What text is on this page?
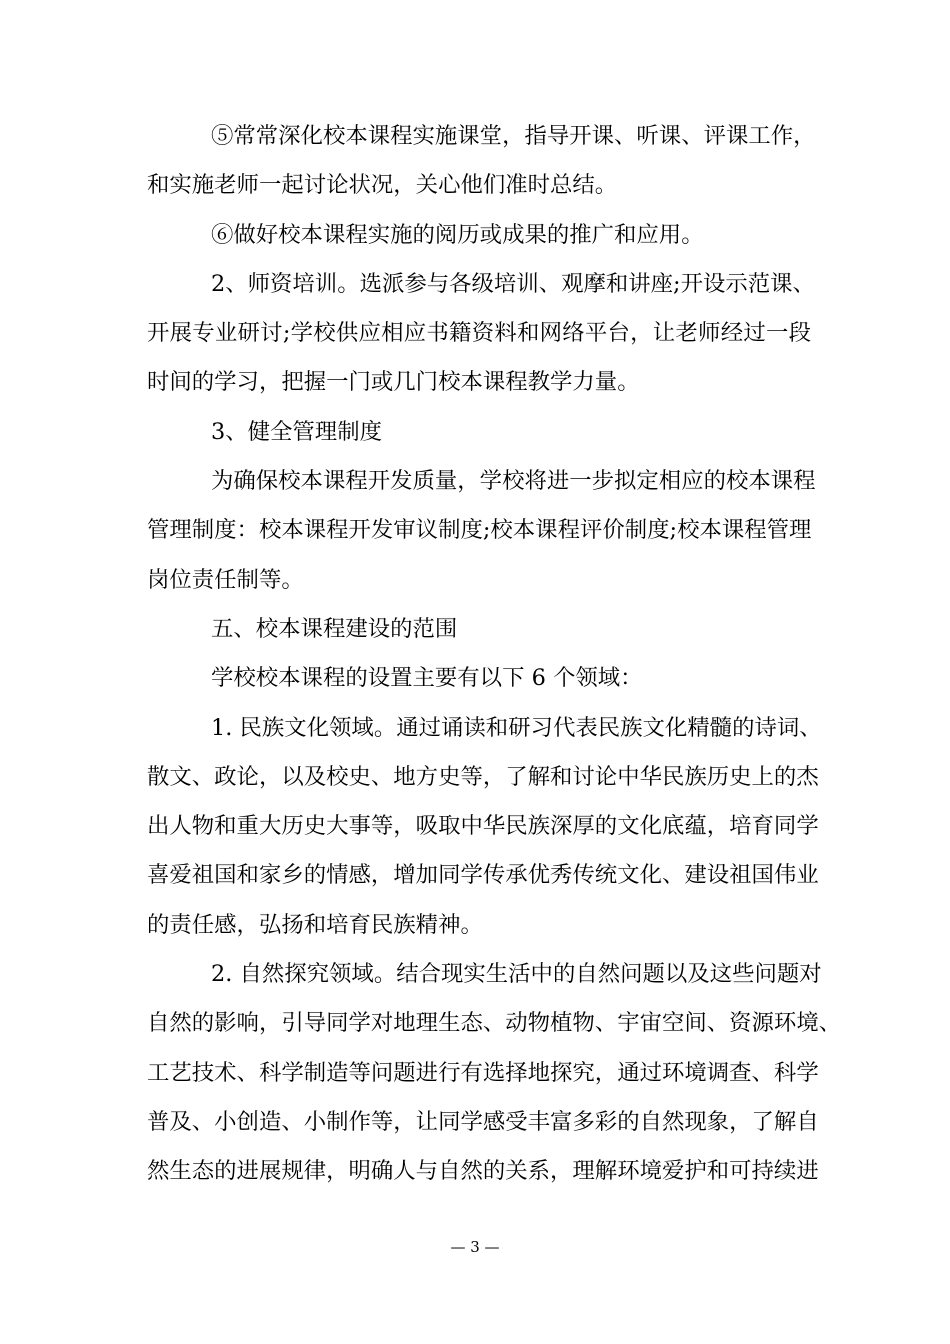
⑤常常深化校本课程实施课堂，指导开课、听课、评课工作，
和实施老师一起讨论状况，关心他们准时总结。
⑥做好校本课程实施的阅历或成果的推广和应用。
2、师资培训。选派参与各级培训、观摩和讲座;开设示范课、
开展专业研讨;学校供应相应书籍资料和网络平台，让老师经过一段
时间的学习，把握一门或几门校本课程教学力量。
3、健全管理制度
为确保校本课程开发质量，学校将进一步拟定相应的校本课程
管理制度：校本课程开发审议制度;校本课程评价制度;校本课程管理
岗位责任制等。
五、校本课程建设的范围
学校校本课程的设置主要有以下 6 个领域：
1. 民族文化领域。通过诵读和研习代表民族文化精髓的诗词、
散文、政论，以及校史、地方史等，了解和讨论中华民族历史上的杰
出人物和重大历史大事等，吸取中华民族深厚的文化底蕴，培育同学
喜爱祖国和家乡的情感，增加同学传承优秀传统文化、建设祖国伟业
的责任感，弘扬和培育民族精神。
2. 自然探究领域。结合现实生活中的自然问题以及这些问题对
自然的影响，引导同学对地理生态、动物植物、宇宙空间、资源环境、
工艺技术、科学制造等问题进行有选择地探究，通过环境调查、科学
普及、小创造、小制作等，让同学感受丰富多彩的自然现象，了解自
然生态的进展规律，明确人与自然的关系，理解环境爱护和可持续进
— 3 —
